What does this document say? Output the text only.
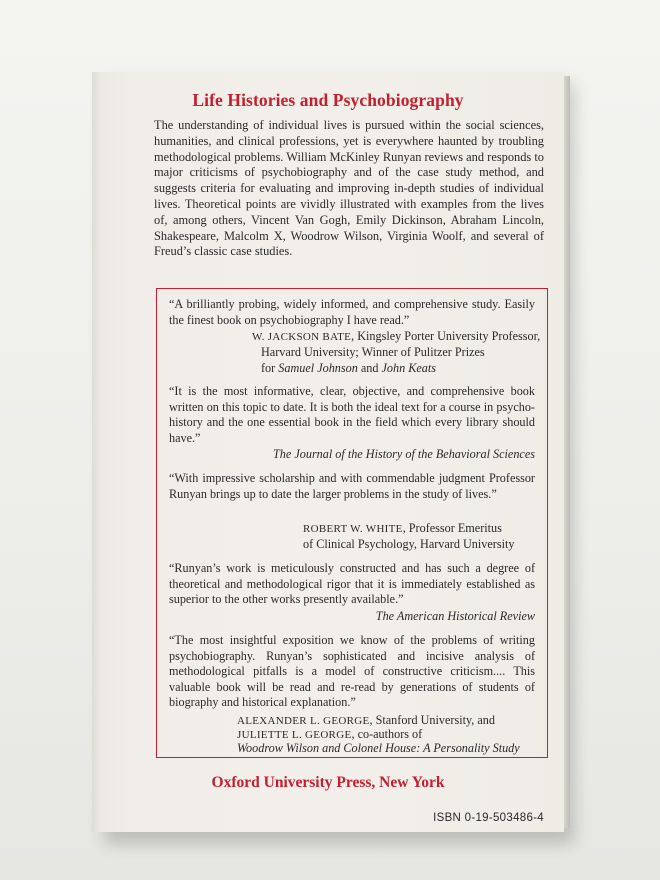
Life Histories and Psychobiography
The understanding of individual lives is pursued within the social sciences, humanities, and clinical professions, yet is everywhere haunted by troubling methodological problems. William McKinley Runyan reviews and responds to major criticisms of psychobiography and of the case study method, and suggests criteria for evaluating and improving in-depth studies of individual lives. Theoretical points are vividly illustrated with examples from the lives of, among others, Vincent Van Gogh, Emily Dickinson, Abraham Lincoln, Shakespeare, Malcolm X, Woodrow Wilson, Virginia Woolf, and several of Freud’s classic case studies.
“A brilliantly probing, widely informed, and comprehensive study. Easily the finest book on psychobiography I have read.”
W. JACKSON BATE, Kingsley Porter University Professor,
Harvard University; Winner of Pulitzer Prizes
for Samuel Johnson and John Keats
“It is the most informative, clear, objective, and comprehensive book written on this topic to date. It is both the ideal text for a course in psycho-history and the one essential book in the field which every library should have.”
The Journal of the History of the Behavioral Sciences
“With impressive scholarship and with commendable judgment Professor Runyan brings up to date the larger problems in the study of lives.”
ROBERT W. WHITE, Professor Emeritus
of Clinical Psychology, Harvard University
“Runyan’s work is meticulously constructed and has such a degree of theoretical and methodological rigor that it is immediately established as superior to the other works presently available.”
The American Historical Review
“The most insightful exposition we know of the problems of writing psychobiography. Runyan’s sophisticated and incisive analysis of methodological pitfalls is a model of constructive criticism.... This valuable book will be read and re-read by generations of students of biography and historical explanation.”
ALEXANDER L. GEORGE, Stanford University, and
JULIETTE L. GEORGE, co-authors of
Woodrow Wilson and Colonel House: A Personality Study
Oxford University Press, New York
ISBN 0-19-503486-4
